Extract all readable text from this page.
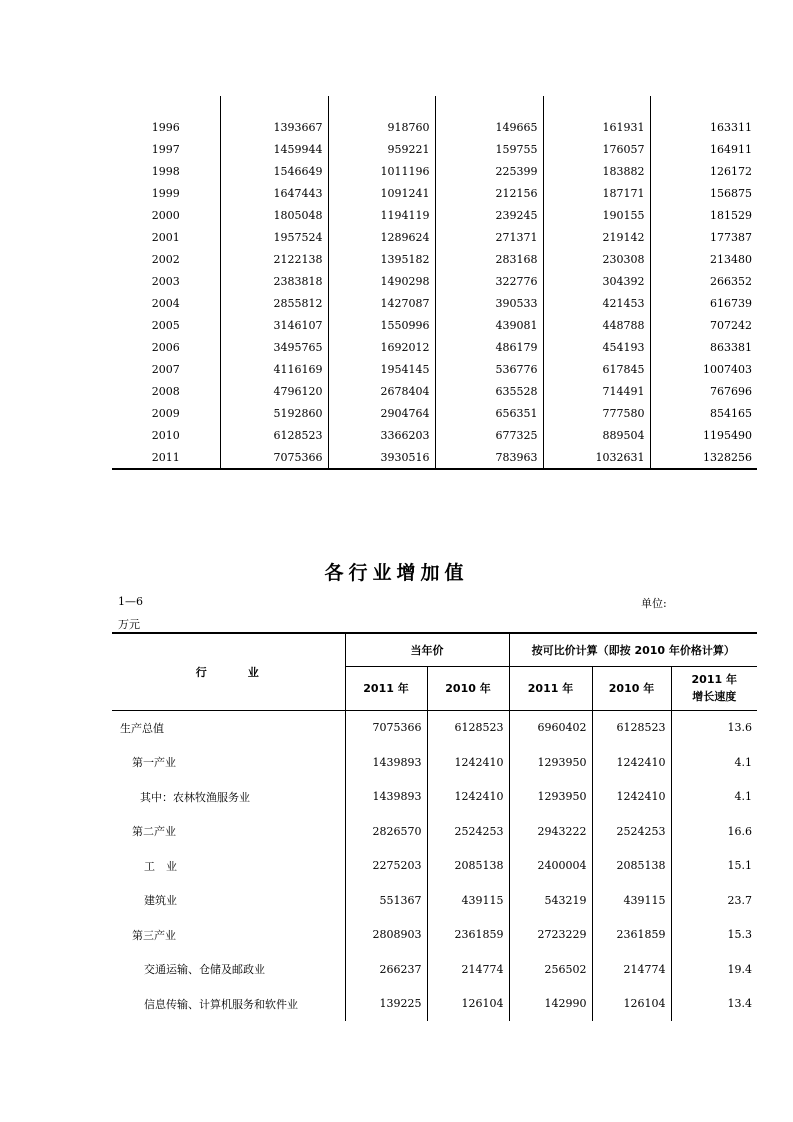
1996	1393667	918760	149665	161931	163311
1997	1459944	959221	159755	176057	164911
1998	1546649	1011196	225399	183882	126172
1999	1647443	1091241	212156	187171	156875
2000	1805048	1194119	239245	190155	181529
2001	1957524	1289624	271371	219142	177387
2002	2122138	1395182	283168	230308	213480
2003	2383818	1490298	322776	304392	266352
2004	2855812	1427087	390533	421453	616739
2005	3146107	1550996	439081	448788	707242
2006	3495765	1692012	486179	454193	863381
2007	4116169	1954145	536776	617845	1007403
2008	4796120	2678404	635528	714491	767696
2009	5192860	2904764	656351	777580	854165
2010	6128523	3366203	677325	889504	1195490
2011	7075366	3930516	783963	1032631	1328256
各行业增加值
1—6	单位:
万元
行　　　业	当年价		按可比价计算（即按 2010 年价格计算）		
	2011 年	2010 年	2011 年	2010 年	2011 年
增长速度
生产总值	7075366	6128523	6960402	6128523	13.6
第一产业	1439893	1242410	1293950	1242410	4.1
其中：农林牧渔服务业	1439893	1242410	1293950	1242410	4.1
第二产业	2826570	2524253	2943222	2524253	16.6
工　业	2275203	2085138	2400004	2085138	15.1
建筑业	551367	439115	543219	439115	23.7
第三产业	2808903	2361859	2723229	2361859	15.3
交通运输、仓储及邮政业	266237	214774	256502	214774	19.4
信息传输、计算机服务和软件业	139225	126104	142990	126104	13.4
